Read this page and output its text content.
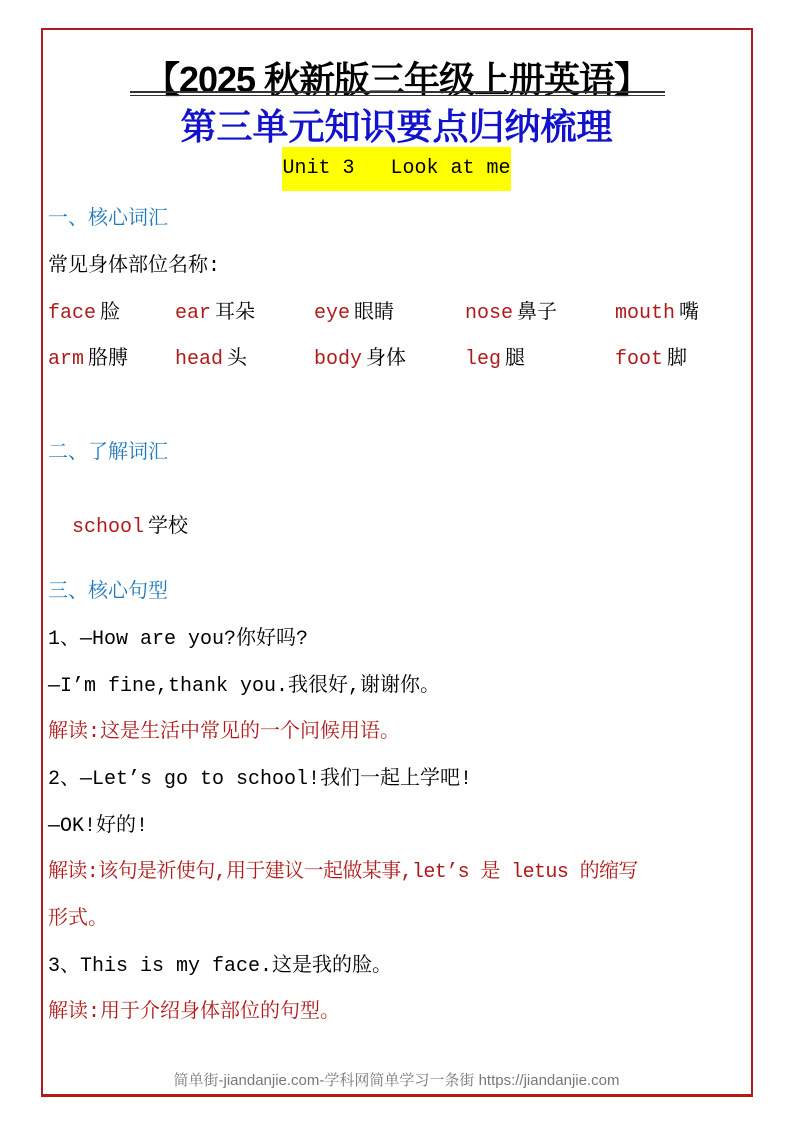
【2025 秋新版三年级上册英语】
第三单元知识要点归纳梳理
Unit 3   Look at me
一、核心词汇
常见身体部位名称:
face 脸	ear 耳朵	eye 眼睛	nose 鼻子	mouth 嘴
arm 胳膊 head 头	body 身体	leg 腿	foot 脚
二、了解词汇

school 学校

三、核心句型
1、—How are you?你好吗?
—I’m fine,thank you.我很好,谢谢你。
解读:这是生活中常见的一个问候用语。
2、—Let’s go to school!我们一起上学吧!
—OK!好的!
解读:该句是祈使句,用于建议一起做某事,let’s 是 letus 的缩写
形式。
3、This is my face.这是我的脸。
解读:用于介绍身体部位的句型。
简单街-jiandanjie.com-学科网简单学习一条街 https://jiandanjie.com
